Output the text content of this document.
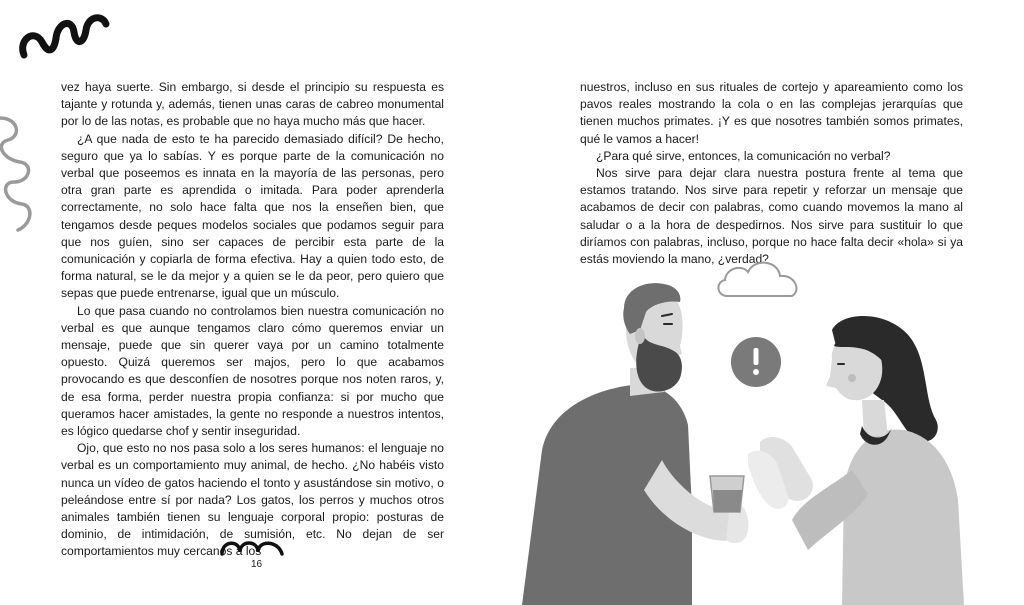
vez haya suerte. Sin embargo, si desde el principio su respuesta es tajante y rotunda y, además, tienen unas caras de cabreo monumental por lo de las notas, es probable que no haya mucho más que hacer.

¿A que nada de esto te ha parecido demasiado difícil? De hecho, seguro que ya lo sabías. Y es porque parte de la comunicación no verbal que poseemos es innata en la mayoría de las personas, pero otra gran parte es aprendida o imitada. Para poder aprenderla correctamente, no solo hace falta que nos la enseñen bien, que tengamos desde peques modelos sociales que podamos seguir para que nos guíen, sino ser capaces de percibir esta parte de la comunicación y copiarla de forma efectiva. Hay a quien todo esto, de forma natural, se le da mejor y a quien se le da peor, pero quiero que sepas que puede entrenarse, igual que un músculo.

Lo que pasa cuando no controlamos bien nuestra comunicación no verbal es que aunque tengamos claro cómo queremos enviar un mensaje, puede que sin querer vaya por un camino totalmente opuesto. Quizá queremos ser majos, pero lo que acabamos provocando es que desconfíen de nosotres porque nos noten raros, y, de esa forma, perder nuestra propia confianza: si por mucho que queramos hacer amistades, la gente no responde a nuestros intentos, es lógico quedarse chof y sentir inseguridad.

Ojo, que esto no nos pasa solo a los seres humanos: el lenguaje no verbal es un comportamiento muy animal, de hecho. ¿No habéis visto nunca un vídeo de gatos haciendo el tonto y asustándose sin motivo, o peleándose entre sí por nada? Los gatos, los perros y muchos otros animales también tienen su lenguaje corporal propio: posturas de dominio, de intimidación, de sumisión, etc. No dejan de ser comportamientos muy cercanos a los

16

nuestros, incluso en sus rituales de cortejo y apareamiento como los pavos reales mostrando la cola o en las complejas jerarquías que tienen muchos primates. ¡Y es que nosotres también somos primates, qué le vamos a hacer!

¿Para qué sirve, entonces, la comunicación no verbal?

Nos sirve para dejar clara nuestra postura frente al tema que estamos tratando. Nos sirve para repetir y reforzar un mensaje que acabamos de decir con palabras, como cuando movemos la mano al saludar o a la hora de despedirnos. Nos sirve para sustituir lo que diríamos con palabras, incluso, porque no hace falta decir «hola» si ya estás moviendo la mano, ¿verdad?
